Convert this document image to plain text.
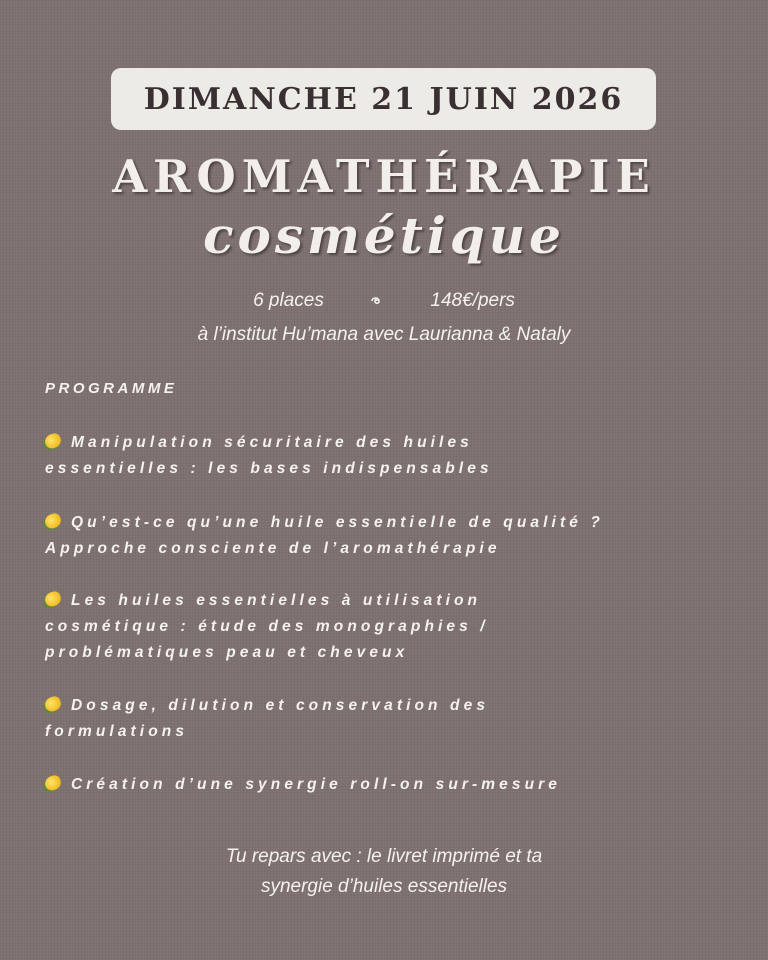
DIMANCHE 21 JUIN 2026
AROMATHÉRAPIE
cosmétique
6 places	148€/pers
à l’institut Hu’mana avec Laurianna & Nataly
PROGRAMME
Manipulation sécuritaire des huiles
essentielles : les bases indispensables
Qu’est-ce qu’une huile essentielle de qualité ?
Approche consciente de l’aromathérapie
Les huiles essentielles à utilisation
cosmétique : étude des monographies /
problématiques peau et cheveux
Dosage, dilution et conservation des
formulations
Création d’une synergie roll-on sur-mesure
Tu repars avec : le livret imprimé et ta
synergie d’huiles essentielles
